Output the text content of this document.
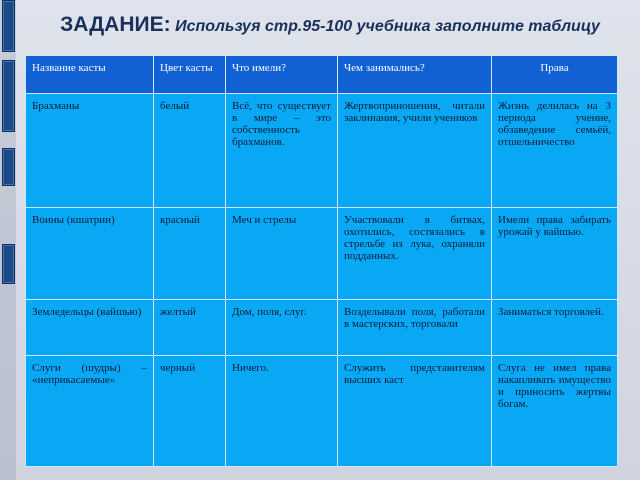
ЗАДАНИЕ: Используя стр.95-100 учебника заполните таблицу
Название касты	Цвет касты	Что имели?	Чем занимались?	Права
Брахманы	белый	Всё, что существует в мире – это собственность брахманов.	Жертвоприношения, читали заклинания, учили учеников	Жизнь делилась на 3 периода учение, обзаведение семьёй, отшельничество
Воины (кшатрии)	красный	Меч и стрелы	Участвовали в битвах, охотились, состязались в стрельбе из лука, охраняли подданных.	Имели права забирать урожай у вайшью.
Земледельцы (вайшью)	желтый	Дом, поля, слуг.	Возделывали поля, работали в мастерских, торговали	Заниматься торговлей.
Слуги (шудры) – «неприкасаемые»	черный	Ничего.	Служить представителям высших каст	Слуга не имел права накапливать имущество и приносить жертвы богам.
